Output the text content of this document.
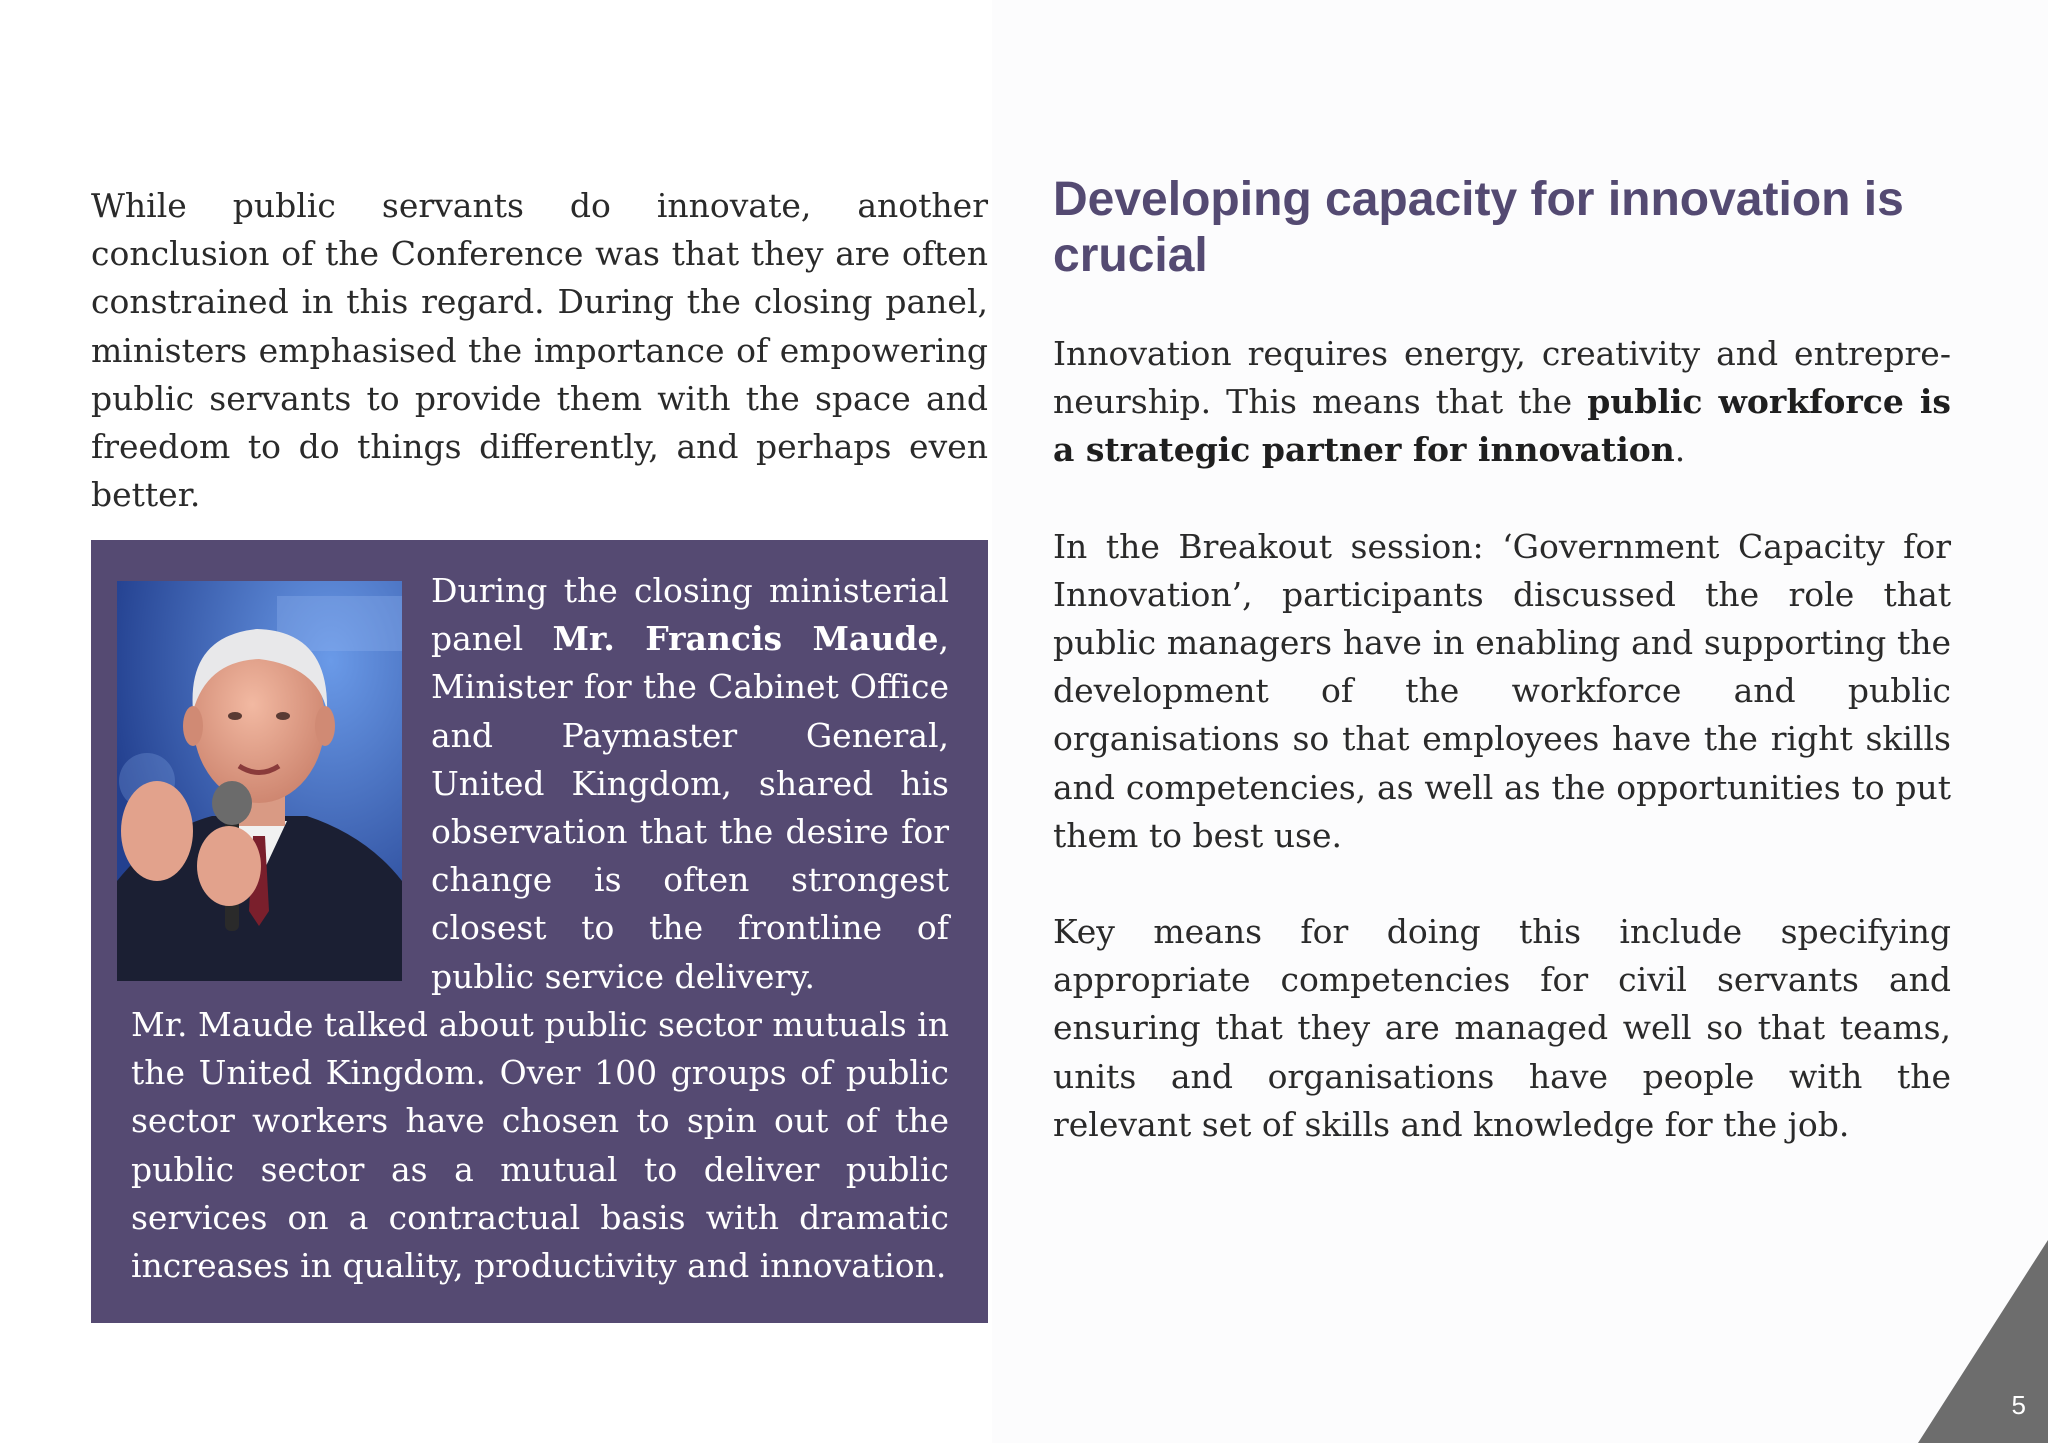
While public servants do innovate, another conclusion of the Conference was that they are often constrained in this regard. During the closing panel, ministers emphasised the importance of empowering public servants to provide them with the space and freedom to do things differently, and perhaps even better.

During the closing ministerial panel Mr. Francis Maude, Minister for the Cabinet Office and Paymaster General, United Kingdom, shared his observation that the desire for change is often strongest closest to the frontline of public service delivery.

Mr. Maude talked about public sector mutuals in the United Kingdom. Over 100 groups of public sector workers have chosen to spin out of the public sector as a mutual to deliver public services on a contractual basis with dramatic increases in quality, productivity and innovation.

Developing capacity for innovation is crucial

Innovation requires energy, creativity and entrepre-neurship. This means that the public workforce is a strategic partner for innovation.

In the Breakout session: ‘Government Capacity for Innovation’, participants discussed the role that public managers have in enabling and supporting the development of the workforce and public organisations so that employees have the right skills and competencies, as well as the opportunities to put them to best use.

Key means for doing this include specifying appropriate competencies for civil servants and ensuring that they are managed well so that teams, units and organisations have people with the relevant set of skills and knowledge for the job.

5
